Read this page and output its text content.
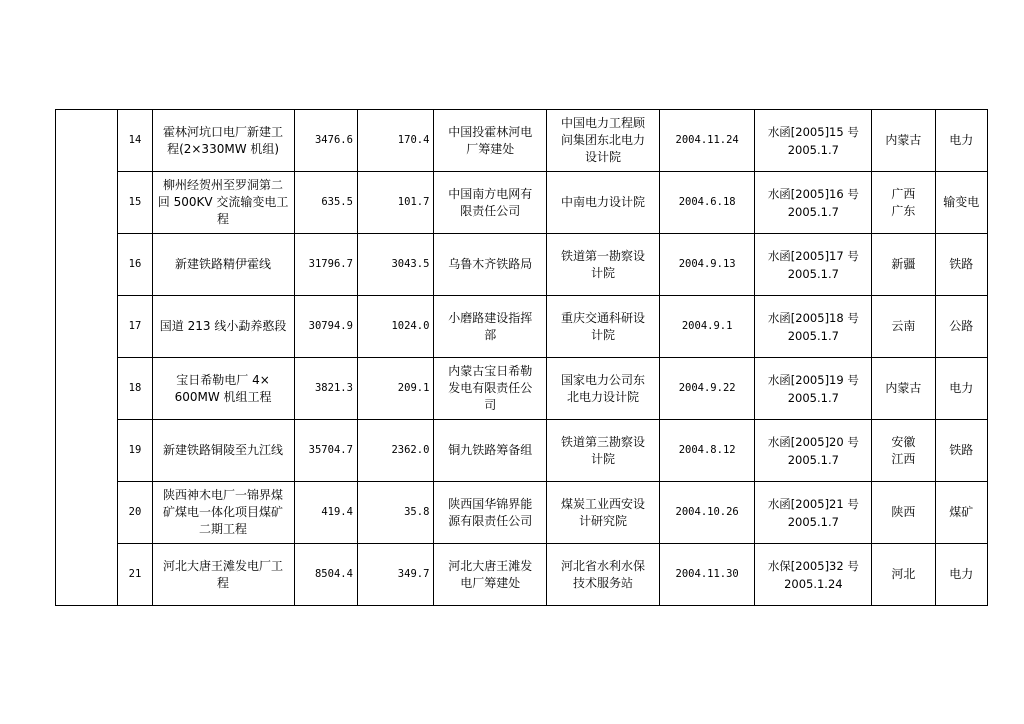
	14	霍林河坑口电厂新建工
程(2×330MW 机组)	3476.6	170.4	中国投霍林河电
厂筹建处	中国电力工程顾
问集团东北电力
设计院	2004.11.24	水函[2005]15 号
2005.1.7	内蒙古	电力
	15	柳州经贺州至罗洞第二
回 500KV 交流输变电工
程	635.5	101.7	中国南方电网有
限责任公司	中南电力设计院	2004.6.18	水函[2005]16 号
2005.1.7	广西
广东	输变电
	16	新建铁路精伊霍线	31796.7	3043.5	乌鲁木齐铁路局	铁道第一勘察设
计院	2004.9.13	水函[2005]17 号
2005.1.7	新疆	铁路
	17	国道 213 线小勐养憨段	30794.9	1024.0	小磨路建设指挥
部	重庆交通科研设
计院	2004.9.1	水函[2005]18 号
2005.1.7	云南	公路
	18	宝日希勒电厂 4×
600MW 机组工程	3821.3	209.1	内蒙古宝日希勒
发电有限责任公
司	国家电力公司东
北电力设计院	2004.9.22	水函[2005]19 号
2005.1.7	内蒙古	电力
	19	新建铁路铜陵至九江线	35704.7	2362.0	铜九铁路筹备组	铁道第三勘察设
计院	2004.8.12	水函[2005]20 号
2005.1.7	安徽
江西	铁路
	20	陕西神木电厂一锦界煤
矿煤电一体化项目煤矿
二期工程	419.4	35.8	陕西国华锦界能
源有限责任公司	煤炭工业西安设
计研究院	2004.10.26	水函[2005]21 号
2005.1.7	陕西	煤矿
	21	河北大唐王滩发电厂工
程	8504.4	349.7	河北大唐王滩发
电厂筹建处	河北省水利水保
技术服务站	2004.11.30	水保[2005]32 号
2005.1.24	河北	电力
